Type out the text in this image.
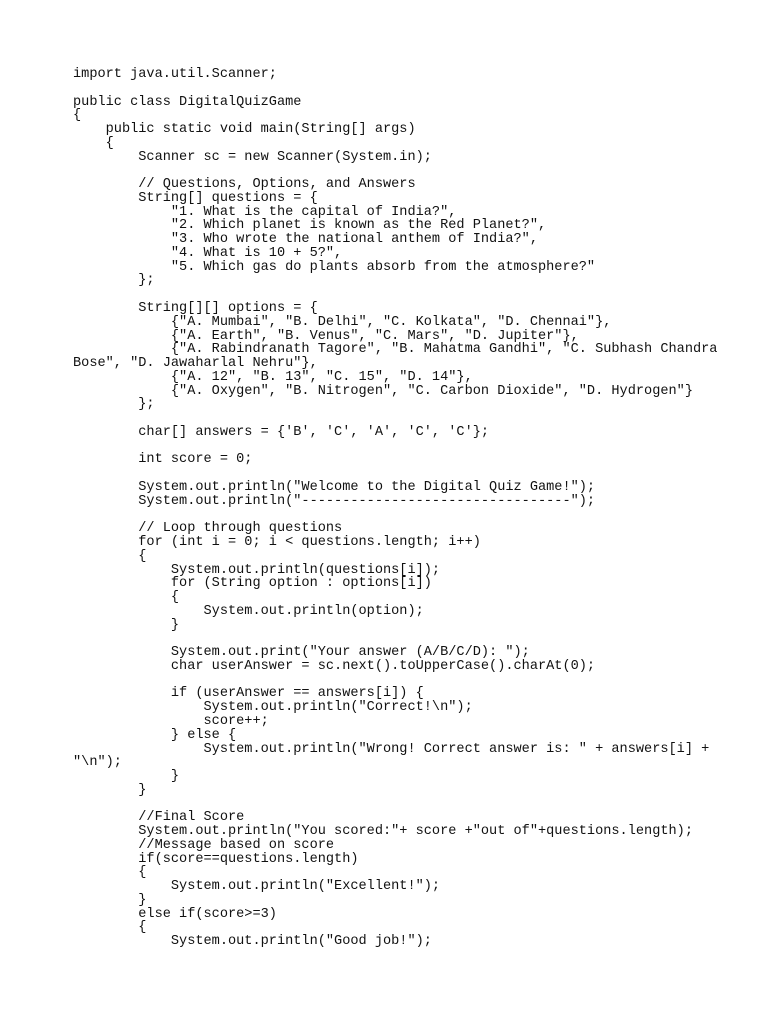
import java.util.Scanner;
public class DigitalQuizGame
{
public static void main(String[] args)
{
Scanner sc = new Scanner(System.in);
// Questions, Options, and Answers
String[] questions = {
"1. What is the capital of India?",
"2. Which planet is known as the Red Planet?",
"3. Who wrote the national anthem of India?",
"4. What is 10 + 5?",
"5. Which gas do plants absorb from the atmosphere?"
};
String[][] options = {
{"A. Mumbai", "B. Delhi", "C. Kolkata", "D. Chennai"},
{"A. Earth", "B. Venus", "C. Mars", "D. Jupiter"},
{"A. Rabindranath Tagore", "B. Mahatma Gandhi", "C. Subhash Chandra
Bose", "D. Jawaharlal Nehru"},
{"A. 12", "B. 13", "C. 15", "D. 14"},
{"A. Oxygen", "B. Nitrogen", "C. Carbon Dioxide", "D. Hydrogen"}
};
char[] answers = {'B', 'C', 'A', 'C', 'C'};
int score = 0;
System.out.println("Welcome to the Digital Quiz Game!");
System.out.println("---------------------------------");
// Loop through questions
for (int i = 0; i < questions.length; i++)
{
System.out.println(questions[i]);
for (String option : options[i])
{
System.out.println(option);
}
System.out.print("Your answer (A/B/C/D): ");
char userAnswer = sc.next().toUpperCase().charAt(0);
if (userAnswer == answers[i]) {
System.out.println("Correct!\n");
score++;
} else {
System.out.println("Wrong! Correct answer is: " + answers[i] +
"\n");
}
}
//Final Score
System.out.println("You scored:"+ score +"out of"+questions.length);
//Message based on score
if(score==questions.length)
{
System.out.println("Excellent!");
}
else if(score>=3)
{
System.out.println("Good job!");
